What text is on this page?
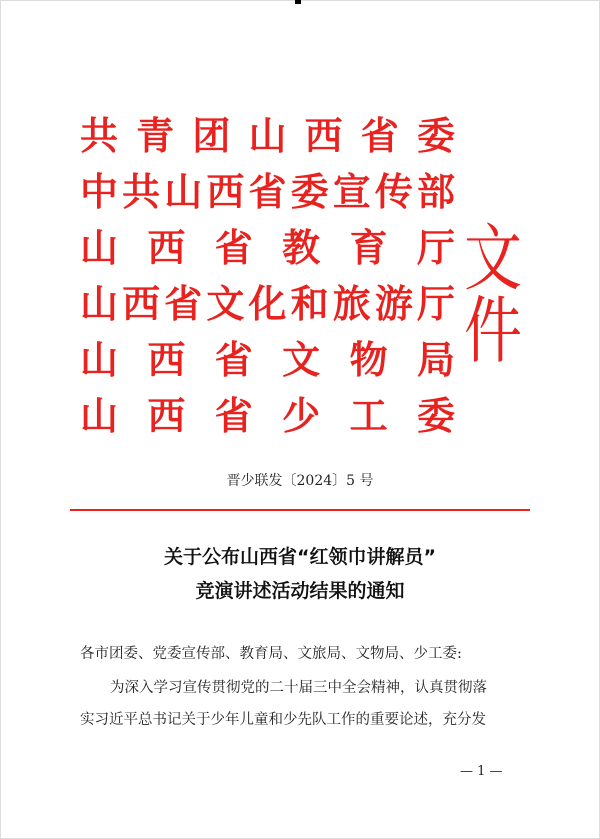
共 青 团 山 西 省 委
中 共 山 西 省 委 宣 传 部
山 西 省 教 育 厅
山 西 省 文 化 和 旅 游 厅
山 西 省 文 物 局
山 西 省 少 工 委
文件
晋少联发〔2024〕5 号
关于公布山西省“红领巾讲解员”
竞演讲述活动结果的通知
各市团委、党委宣传部、教育局、文旅局、文物局、少工委:
为深入学习宣传贯彻党的二十届三中全会精神，认真贯彻落
实习近平总书记关于少年儿童和少先队工作的重要论述，充分发
— 1 —
